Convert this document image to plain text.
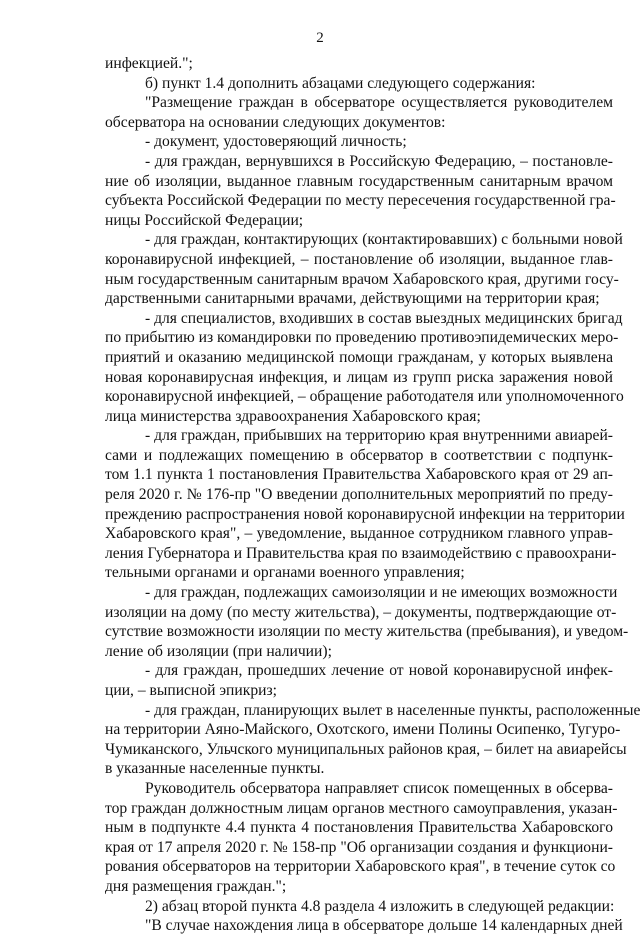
2
инфекцией.";
б) пункт 1.4 дополнить абзацами следующего содержания:
"Размещение граждан в обсерваторе осуществляется руководителем
обсерватора на основании следующих документов:
- документ, удостоверяющий личность;
- для граждан, вернувшихся в Российскую Федерацию, – постановле-
ние об изоляции, выданное главным государственным санитарным врачом
субъекта Российской Федерации по месту пересечения государственной гра-
ницы Российской Федерации;
- для граждан, контактирующих (контактировавших) с больными новой
коронавирусной инфекцией, – постановление об изоляции, выданное глав-
ным государственным санитарным врачом Хабаровского края, другими госу-
дарственными санитарными врачами, действующими на территории края;
- для специалистов, входивших в состав выездных медицинских бригад
по прибытию из командировки по проведению противоэпидемических меро-
приятий и оказанию медицинской помощи гражданам, у которых выявлена
новая коронавирусная инфекция, и лицам из групп риска заражения новой
коронавирусной инфекцией, – обращение работодателя или уполномоченного
лица министерства здравоохранения Хабаровского края;
- для граждан, прибывших на территорию края внутренними авиарей-
сами и подлежащих помещению в обсерватор в соответствии с подпунк-
том 1.1 пункта 1 постановления Правительства Хабаровского края от 29 ап-
реля 2020 г. № 176-пр "О введении дополнительных мероприятий по преду-
преждению распространения новой коронавирусной инфекции на территории
Хабаровского края", – уведомление, выданное сотрудником главного управ-
ления Губернатора и Правительства края по взаимодействию с правоохрани-
тельными органами и органами военного управления;
- для граждан, подлежащих самоизоляции и не имеющих возможности
изоляции на дому (по месту жительства), – документы, подтверждающие от-
сутствие возможности изоляции по месту жительства (пребывания), и уведом-
ление об изоляции (при наличии);
- для граждан, прошедших лечение от новой коронавирусной инфек-
ции, – выписной эпикриз;
- для граждан, планирующих вылет в населенные пункты, расположенные
на территории Аяно-Майского, Охотского, имени Полины Осипенко, Тугуро-
Чумиканского, Ульчского муниципальных районов края, – билет на авиарейсы
в указанные населенные пункты.
Руководитель обсерватора направляет список помещенных в обсерва-
тор граждан должностным лицам органов местного самоуправления, указан-
ным в подпункте 4.4 пункта 4 постановления Правительства Хабаровского
края от 17 апреля 2020 г. № 158-пр "Об организации создания и функциони-
рования обсерваторов на территории Хабаровского края", в течение суток со
дня размещения граждан.";
2) абзац второй пункта 4.8 раздела 4 изложить в следующей редакции:
"В случае нахождения лица в обсерваторе дольше 14 календарных дней
